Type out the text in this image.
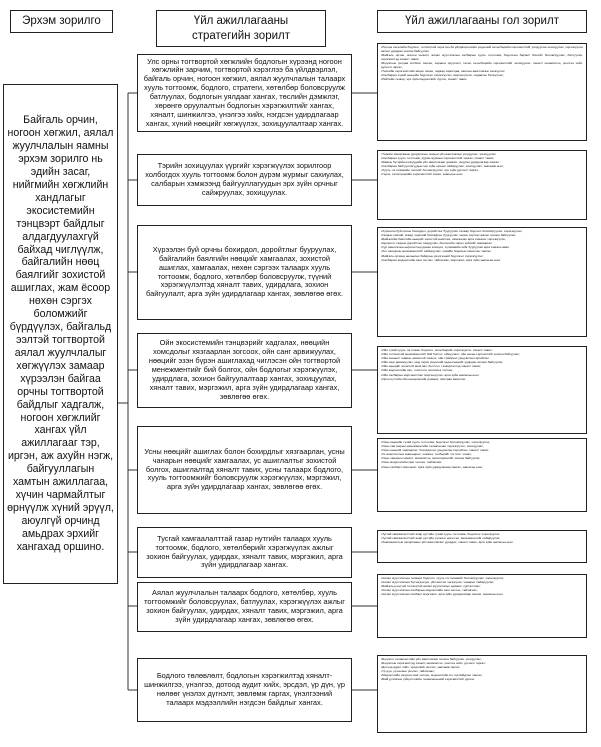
Эрхэм зорилго	Үйл ажиллагааны стратегийн зорилт
Үйл ажиллагааны гол зорилт
Байгаль орчин, ногоон хөгжил, аялал жуулчлалын яамны эрхэм зорилго нь эдийн засаг, нийгмийн хөгжлийн хандлагыг экосистемийн тэнцвэрт байдлыг алдагдуулахгүй байхад чиглүүлж, байгалийн нөөц баялгийг зохистой ашиглах, жам ёсоор нөхөн сэргэх боломжийг бүрдүүлэх, байгальд ээлтэй тогтвортой аялал жуулчлалыг хөгжүүлэх замаар хүрээлэн байгаа орчны тогтвортой байдлыг хадгалж, ногоон хөгжлийг хангах үйл ажиллагааг тэр, иргэн, аж ахуйн нэгж, байгууллагын хамтын ажиллагаа, хүчин чармайлтыг өрнүүлж хүний эрүүл, аюулгүй орчинд амьдрах эрхийг хангахад оршино.
Улс орны тогтвортой хөгжлийн бодлогын хүрээнд ногоон хөгжлийн зарчим, тогтвортой хэрэглээ ба үйлдвэрлэл, байгаль орчин, ногоон хөгжил, аялал жуулчлалын талаарх хууль тогтоомж, бодлого, стратеги, хөтөлбөр боловсруулж батлуулах, бодлогын уялдааг хангах, төслийн дэмжлэг, хөрөнгө оруулалтын бодлогын хэрэгжилтийг хангах, хяналт, шинжилгээ, үнэлгээ хийх, нэгдсэн удирдлагаар хангах, хүний нөөцийг хөгжүүлэх, зохицуулалтаар хангах.
Тэрийн зохицуулах үүргийг хэрэгжүүлэх зорилгоор холбогдох хууль тогтоомж болон дүрэм журмыг сахиулах, салбарын хэмжээнд байгууллагуудын эрх зүйн орчныг сайжруулах, зохицуулах.
Хүрээлэн буй орчны бохирдол, доройтлыг бууруулах, байгалийн баялгийн нөөцийг хамгаалах, зохистой ашиглах, хамгаалах, нөхөн сэргээх талаарх хууль тогтоомж, бодлого, хөтөлбөр боловсруулж, түүний хэрэгжүүлэлтэд хяналт тавих, удирдлага, зохион байгуулалт, арга зүйн удирдлагаар хангах, зөвлөгөө өгөх.
Ойн экосистемийн тэнцвэрийг хадгалах, нөөцийн хомсдолыг хязгаарлан зогсоох, ойн санг арвижуулах, нөөцийг эзэн бүрэн ашиглахад чиглэсэн ойн тогтвортой менежментийг бий болгох, ойн бодлогыг хэрэгжүүлэх, удирдлага, зохион байгуулалтаар хангах, зохицуулах, хяналт тавих, мэргэжил, арга зүйн удирдлагаар хангах, зөвлөгөө өгөх.
Усны нөөцийг ашиглах болон бохирдлыг хязгаарлан, усны чанарын нөөцийг хамгаалах, ус ашиглалтыг зохистой болгох, ашиглалтад хяналт тавих, усны талаарх бодлого, хууль тогтоомжийг боловсруулж хэрэгжүүлэх, мэргэжил, арга зүйн удирдлагаар хангах, зөвлөгөө өгөх.
Тусгай хамгаалалттай газар нутгийн талаарх хууль тогтоомж, бодлого, хөтөлбөрийг хэрэгжүүлэх ажлыг зохион байгуулах, удирдах, хяналт тавих, мэргэжил, арга зүйн удирдлагаар хангах.
Аялал жуулчлалын талаарх бодлого, хөтөлбөр, хууль тогтоомжийг боловсруулах, батлуулах, хэрэгжүүлэх ажлыг зохион байгуулах, удирдах, хяналт тавих, мэргэжил, арга зүйн удирдлагаар хангах, зөвлөгөө өгөх.
Бодлого төлөвлөлт, бодлогын хэрэгжилтэд хяналт-шинжилгээ, үнэлгээ, дотоод аудит хийх, эрсдэл, үр дүн, үр нөлөөг үнэлэх дүгнэлт, зөвлөмж гаргах, үнэлгээний талаарх мэдээллийн нэгдсэн байдлыг хангах.

•Ногоон хөгжлийн бодлого, тогтвортой хэрэглээ ба үйлдвэрлэлийн үндэсний хөтөлбөрийн хэрэгжилтийг уялдуулан зохицуулах, хэрэгжүүлэх ажлыг удирдан зохион байгуулах;

•Байгаль орчин, ногоон хөгжил, аялал жуулчлалын салбарын хууль тогтоомж, бодлогын баримт бичгийг боловсруулах, батлуулах, хэрэгжилтэд хяналт тавих;

•Бодлогын уялдаа холбоог хангах, хөрөнгө оруулалт, төсөл хөтөлбөрийн хэрэгжилтийг зохицуулах, хяналт шинжилгээ, үнэлгээ хийх, дүгнэлт гаргах;

•Төслийн хэрэгжилтийн явцыг хянах, гадаад харилцаа, хамтын ажиллагааг хөгжүүлэх;

•Салбарын хүний нөөцийн бодлогыг хэрэгжүүлэх, мэргэшүүлэх, чадавхыг бэхжүүлэх;

•Нийтийн тээвэр, эрх зүйн мэдээллийг хүргэх, хяналт тавих.

•Төрийн захиргааны удирдлагын газрын үйл ажиллагааг уялдуулах, зохицуулах;

•Салбарын хууль тогтоомж, дүрэм журмын хэрэгжилтийг хангах, хяналт тавих;

•Яамны бүтцийн нэгжүүдийн үйл ажиллагааг дэмжих, нэгдсэн удирдлагаар хангах;

•Салбарын байгууллагуудын эрх зүйн орчныг сайжруулах, зохицуулах, зөвлөмж өгөх;

•Хууль тогтоомжийн төслийг боловсруулах, эрх зүйн дүгнэлт гаргах;

•Гэрээ, хэлэлцээрийн хэрэгжилтийг хянах, зөвлөгөө өгөх.

•Хүрээлэн буй орчны бохирдол, доройтлыг бууруулах талаар бодлого боловсруулах, хэрэгжүүлэх;

•Газрын хэвлий, агаар, хөрсний бохирдлыг бууруулах, нөхөн сэргээх ажлыг зохион байгуулах;

•Байгалийн баялгийн нөөцийг зохистой ашиглах, хамгаалах арга хэмжээг хэрэгжүүлэх;

•Цөлжилт, газрын доройтлыг сааруулах, биологийн төрөл зүйлийг хамгаалах;

•Уур амьсгалын өөрчлөлтөд дасан зохицох, хүлэмжийн хийг бууруулах арга хэмжээ авах;

•Хог хаягдлын менежментийг сайжруулах, химийн бодисын хяналтыг хангах;

•Байгаль орчинд нөлөөлөх байдлын үнэлгээний бодлогыг хэрэгжүүлэх;

•Салбарын мэдээллийн санг хөтлөх, тайлагнах, мэргэжил, арга зүйн зөвлөгөө өгөх.

•Ойн тухай хууль тогтоомж, бодлого, хөтөлбөрийг хэрэгжүүлэх, хяналт тавих;

•Ойн тогтвортой менежментийг бий болгох, ойжуулалт, ойн нөхөн сэргээлтийг зохион байгуулах;

•Ойн хөнөөлт шавьж, өвчинтэй тэмцэх, ойн түймрээс урьдчилан сэргийлэх;

•Ойн санг арвижуулах, мод тарих үндэсний хөдөлгөөнийг удирдан зохион байгуулах;

•Ойн нөөцийг зохистой ашиглах, бэлтгэл, тээвэрлэлтэд хяналт тавих;

•Ойн мэдээллийн сан, тооллого, ангиллыг хөтлөх;

•Ойн салбарын мэргэжилтэнг мэргэшүүлэх, арга зүйн зөвлөгөө өгөх;

•Орон нутгийн ойн нөхөрлөлийг дэмжих, хамтран ажиллах.

•Усны нөөцийн тухай хууль тогтоомж, бодлогыг боловсруулах, хэрэгжүүлэх;

•Усны сав газрын менежментийн төлөвлөгөөг хэрэгжүүлэх, зохицуулах;

•Усны нөөцийг хамгаалах, бохирдлоос урьдчилан сэргийлэх, хяналт тавих;

•Ус ашиглалтын зөвшөөрөл, хэмжээ, төлбөрийг тогтоох, хянах;

•Усны чанарын хяналт, шинжилгээ, мониторингийг зохион байгуулах;

•Усны мэдээллийн санг хөтлөх, тайлагнах;

•Усны салбарт мэргэжил, арга зүйн удирдлагаар хангах, зөвлөгөө өгөх.

•Тусгай хамгаалалттай газар нутгийн тухай хууль тогтоомж, бодлогыг хэрэгжүүлэх;

•Тусгай хамгаалалттай газар нутгийн сүлжээг өргөтгөх, менежментийг сайжруулах;

•Хамгаалалтын захиргааны үйл ажиллагааг удирдах, хяналт тавих, арга зүйн зөвлөгөө өгөх.

•Аялал жуулчлалын талаарх бодлого, хууль тогтоомжийг боловсруулах, хэрэгжүүлэх;

•Аялал жуулчлалын бүтээгдэхүүн, үйлчилгээг хөгжүүлэх, чанарыг сайжруулах;

•Байгальд ээлтэй тогтвортой аялал жуулчлалыг дэмжих, сурталчлах;

•Аялал жуулчлалын салбарын мэдээллийн санг хөтлөх, тайлагнах;

•Аялал жуулчлалын салбарт мэргэжил, арга зүйн удирдлагаар хангах, зөвлөгөө өгөх.

•Бодлого төлөвлөлтийн үйл ажиллагааг зохион байгуулах, уялдуулах;

•Бодлогын хэрэгжилтэд хяналт-шинжилгээ, үнэлгээ хийх, дүгнэлт гаргах;

•Дотоод аудит хийх, эрсдэлийг үнэлэх, зөвлөмж гаргах;

•Үр дүн, үр нөлөөг үнэлэх, тайлагнах;

•Мэдээллийн нэгдсэн санг хөтлөх, мэдээллийн ил тод байдлыг хангах;

•Байгууллагын гүйцэтгэлийн төлөвлөгөөний хэрэгжилтийг дүгнэх.
